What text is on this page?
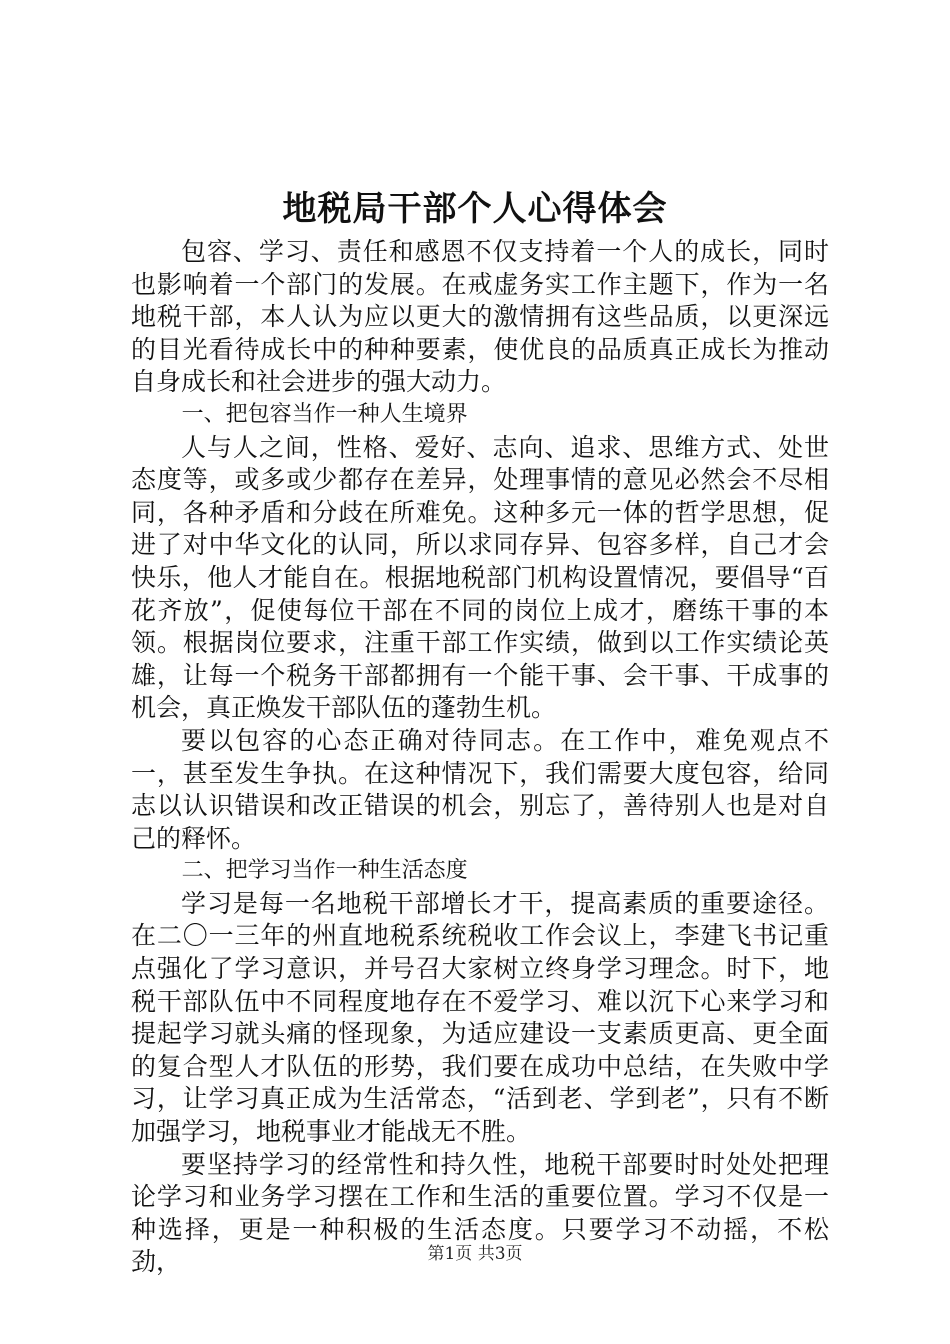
地税局干部个人心得体会

包容、学习、责任和感恩不仅支持着一个人的成长，同时也影响着一个部门的发展。在戒虚务实工作主题下，作为一名地税干部，本人认为应以更大的激情拥有这些品质，以更深远的目光看待成长中的种种要素，使优良的品质真正成长为推动自身成长和社会进步的强大动力。

一、把包容当作一种人生境界

人与人之间，性格、爱好、志向、追求、思维方式、处世态度等，或多或少都存在差异，处理事情的意见必然会不尽相同，各种矛盾和分歧在所难免。这种多元一体的哲学思想，促进了对中华文化的认同，所以求同存异、包容多样，自己才会快乐，他人才能自在。根据地税部门机构设置情况，要倡导“百花齐放”，促使每位干部在不同的岗位上成才，磨练干事的本领。根据岗位要求，注重干部工作实绩，做到以工作实绩论英雄，让每一个税务干部都拥有一个能干事、会干事、干成事的机会，真正焕发干部队伍的蓬勃生机。

要以包容的心态正确对待同志。在工作中，难免观点不一，甚至发生争执。在这种情况下，我们需要大度包容，给同志以认识错误和改正错误的机会，别忘了，善待别人也是对自己的释怀。

二、把学习当作一种生活态度

学习是每一名地税干部增长才干，提高素质的重要途径。在二〇一三年的州直地税系统税收工作会议上，李建飞书记重点强化了学习意识，并号召大家树立终身学习理念。时下，地税干部队伍中不同程度地存在不爱学习、难以沉下心来学习和提起学习就头痛的怪现象，为适应建设一支素质更高、更全面的复合型人才队伍的形势，我们要在成功中总结，在失败中学习，让学习真正成为生活常态，“活到老、学到老”，只有不断加强学习，地税事业才能战无不胜。

要坚持学习的经常性和持久性，地税干部要时时处处把理论学习和业务学习摆在工作和生活的重要位置。学习不仅是一种选择，更是一种积极的生活态度。只要学习不动摇，不松劲，	第1页 共3页
